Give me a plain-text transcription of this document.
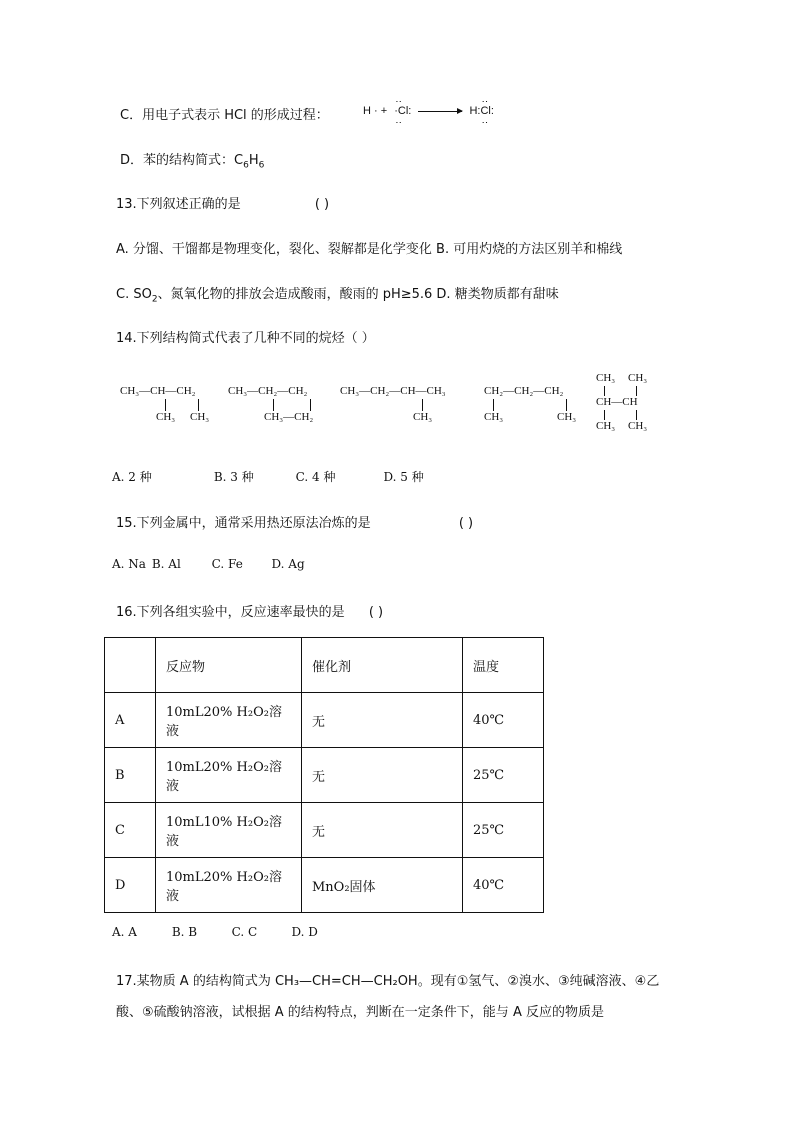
C．用电子式表示 HCl 的形成过程：	H · + ‥ ·Cl: ‥ → H:‥ Cl: ‥
D．苯的结构简式：$C_6H_6$
13.下列叙述正确的是	( )
A. 分馏、干馏都是物理变化，裂化、裂解都是化学变化 B. 可用灼烧的方法区别羊和棉线
C. $SO_2$、氮氧化物的排放会造成酸雨，酸雨的 pH≥5.6 D. 糖类物质都有甜味
14.下列结构简式代表了几种不同的烷烃（ ）
CH₃—CH—CH₂
CH₃ CH₃
CH₃—CH₂—CH₂
CH₃—CH₂
CH₃—CH₂—CH—CH₃
CH₃
CH₂—CH₂—CH₂
CH₃	CH₃
CH₃ CH₃
CH—CH
CH₃ CH₃
A. 2 种	B. 3 种	C. 4 种	D. 5 种
15.下列金属中，通常采用热还原法冶炼的是	( )
A. Na B. Al	C. Fe D. Ag
16.下列各组实验中，反应速率最快的是 ( )
	反应物	催化剂	温度
A	10mL20% H₂O₂溶液	无	40℃
B	10mL20% H₂O₂溶液	无	25℃
C	10mL10% H₂O₂溶液	无	25℃
D	10mL20% H₂O₂溶液	MnO₂固体	40℃
A. A	B. B	C. C	D. D
17.某物质 A 的结构简式为 CH₃—CH=CH—CH₂OH。现有①氢气、②溴水、③纯碱溶液、④乙
酸、⑤硫酸钠溶液，试根据 A 的结构特点，判断在一定条件下，能与 A 反应的物质是
